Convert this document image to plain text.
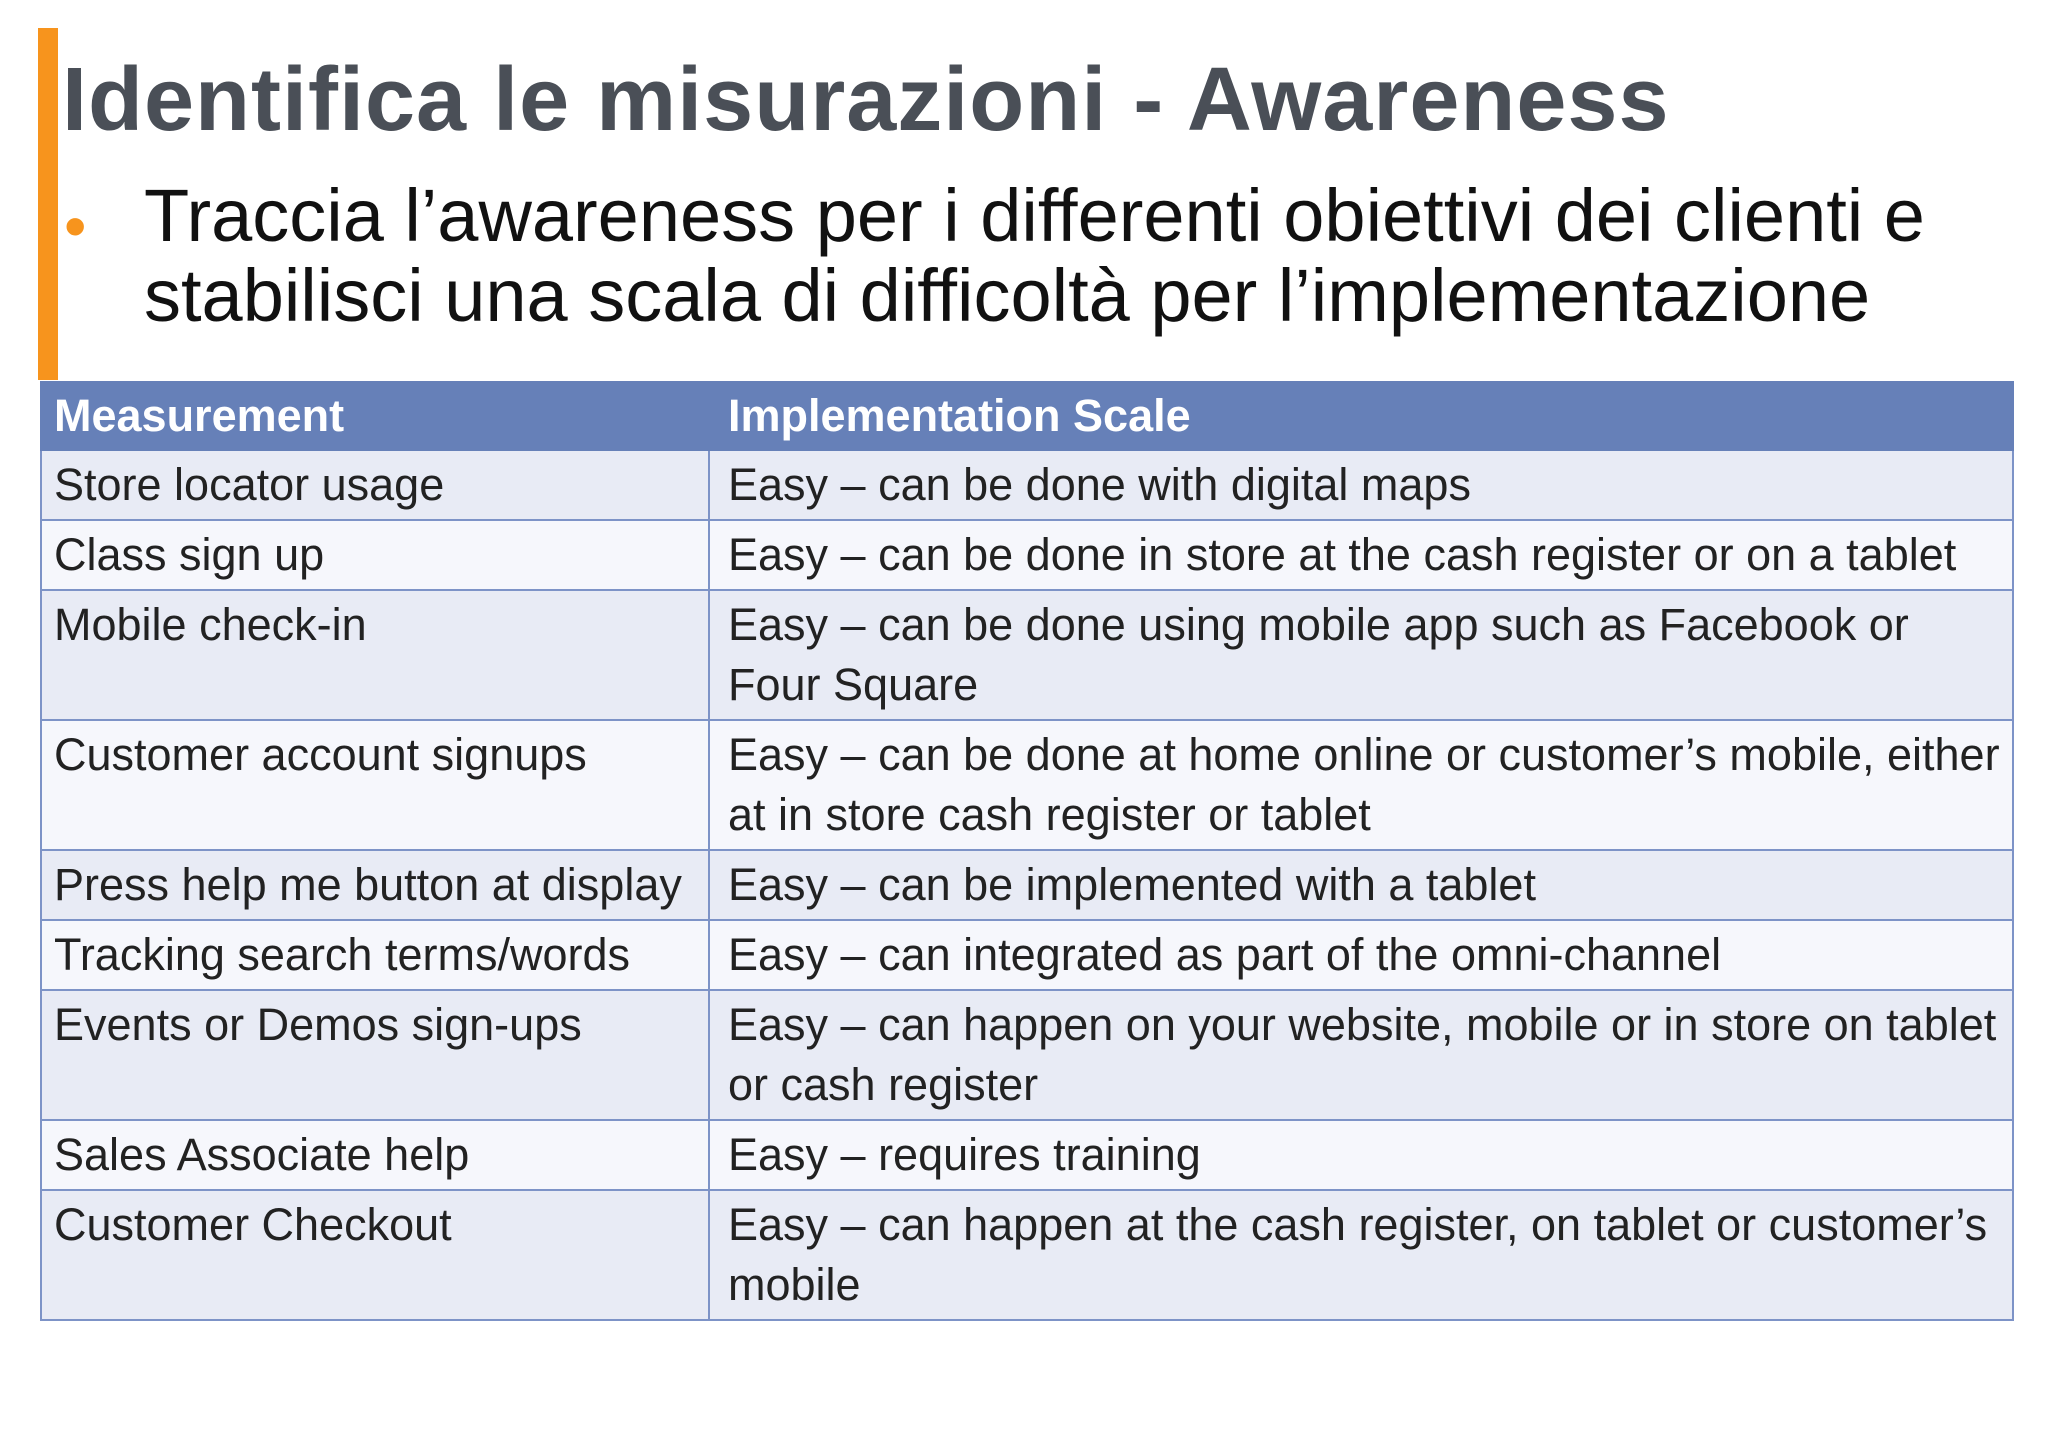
Identifica le misurazioni - Awareness
• Traccia l’awareness per i differenti obiettivi dei clienti e stabilisci una scala di difficoltà per l’implementazione

Measurement	Implementation Scale
Store locator usage	Easy – can be done with digital maps
Class sign up	Easy – can be done in store at the cash register or on a tablet
Mobile check-in	Easy – can be done using mobile app such as Facebook or Four Square
Customer account signups	Easy – can be done at home online or customer’s mobile, either at in store cash register or tablet
Press help me button at display	Easy – can be implemented with a tablet
Tracking search terms/words	Easy – can integrated as part of the omni-channel
Events or Demos sign-ups	Easy – can happen on your website, mobile or in store on tablet or cash register
Sales Associate help	Easy – requires training
Customer Checkout	Easy – can happen at the cash register, on tablet or customer’s mobile
